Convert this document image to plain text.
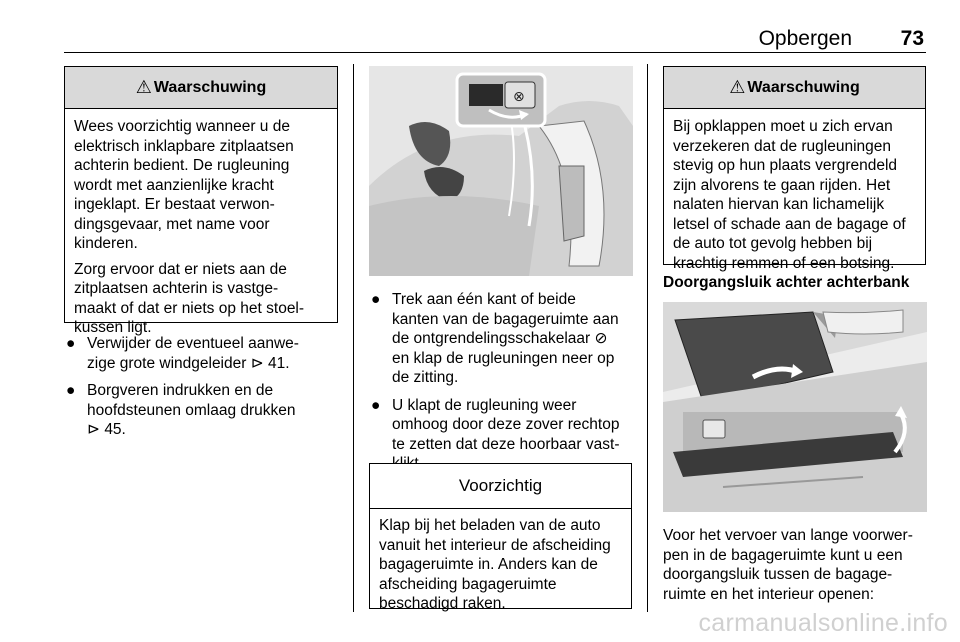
Opbergen 73
⚠ Waarschuwing

Wees voorzichtig wanneer u de
elektrisch inklapbare zitplaatsen
achterin bedient. De rugleuning
wordt met aanzienlijke kracht
ingeklapt. Er bestaat verwon-
dingsgevaar, met name voor
kinderen.

Zorg ervoor dat er niets aan de
zitplaatsen achterin is vastge-
maakt of dat er niets op het stoel-
kussen ligt.

● Verwijder de eventueel aanwe-
zige grote windgeleider ⊳ 41.
● Borgveren indrukken en de
hoofdsteunen omlaag drukken
⊳ 45.
⊗
● Trek aan één kant of beide
kanten van de bagageruimte aan
de ontgrendelingsschakelaar ⊘
en klap de rugleuningen neer op
de zitting.
● U klapt de rugleuning weer
omhoog door deze zover rechtop
te zetten dat deze hoorbaar vast-

Voorzichtig
Klap bij het beladen van de auto
vanuit het interieur de afscheiding
bagageruimte in. Anders kan de
afscheiding bagageruimte
beschadigd raken.
⚠ Waarschuwing
Bij opklappen moet u zich ervan
verzekeren dat de rugleuningen
stevig op hun plaats vergrendeld
zijn alvorens te gaan rijden. Het
nalaten hiervan kan lichamelijk
letsel of schade aan de bagage of
de auto tot gevolg hebben bij
krachtig remmen of een botsing.
Doorgangsluik achter achterbank
Voor het vervoer van lange voorwer-
pen in de bagageruimte kunt u een
doorgangsluik tussen de bagage-
ruimte en het interieur openen:
carmanualsonline.info
